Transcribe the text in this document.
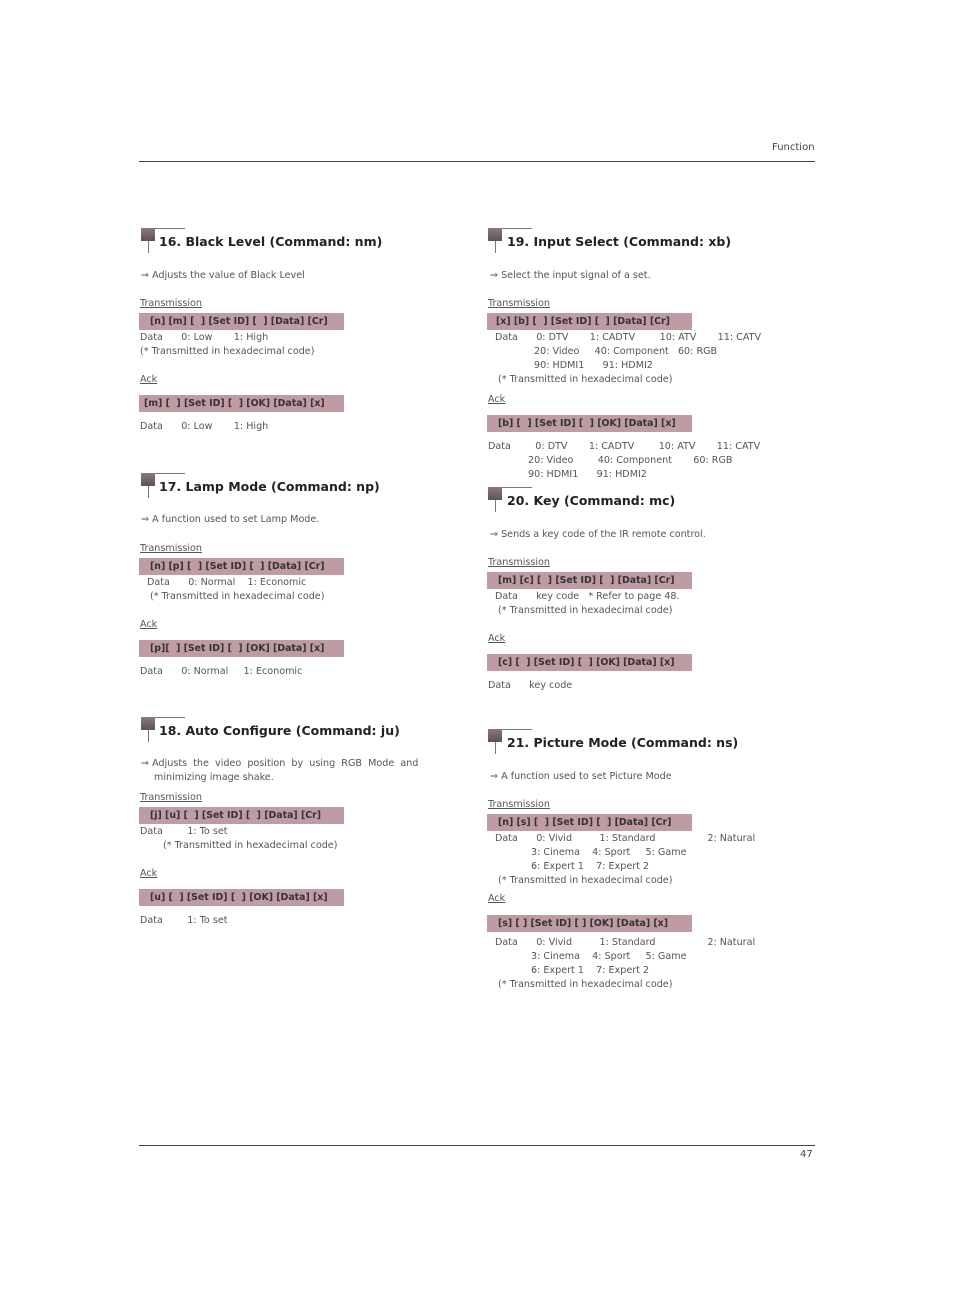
Function
16. Black Level (Command: nm)
⇒ Adjusts the value of Black Level
Transmission
[n] [m] [  ] [Set ID] [  ] [Data] [Cr]
Data      0: Low       1: High
(* Transmitted in hexadecimal code)
Ack
[m] [  ] [Set ID] [  ] [OK] [Data] [x]
Data      0: Low       1: High
17. Lamp Mode (Command: np)
⇒ A function used to set Lamp Mode.
Transmission
[n] [p] [  ] [Set ID] [  ] [Data] [Cr]
Data      0: Normal    1: Economic
(* Transmitted in hexadecimal code)
Ack
[p][  ] [Set ID] [  ] [OK] [Data] [x]
Data      0: Normal     1: Economic
18. Auto Configure (Command: ju)
⇒ Adjusts  the  video  position  by  using  RGB  Mode  and
minimizing image shake.
Transmission
[j] [u] [  ] [Set ID] [  ] [Data] [Cr]
Data        1: To set
(* Transmitted in hexadecimal code)
Ack
[u] [  ] [Set ID] [  ] [OK] [Data] [x]
Data        1: To set
19. Input Select (Command: xb)
⇒ Select the input signal of a set.
Transmission
[x] [b] [  ] [Set ID] [  ] [Data] [Cr]
Data      0: DTV       1: CADTV        10: ATV       11: CATV
20: Video     40: Component   60: RGB
90: HDMI1      91: HDMI2
(* Transmitted in hexadecimal code)
Ack
[b] [  ] [Set ID] [  ] [OK] [Data] [x]
Data        0: DTV       1: CADTV        10: ATV       11: CATV
20: Video        40: Component       60: RGB
90: HDMI1      91: HDMI2
20. Key (Command: mc)
⇒ Sends a key code of the IR remote control.
Transmission
[m] [c] [  ] [Set ID] [  ] [Data] [Cr]
Data      key code   * Refer to page 48.
(* Transmitted in hexadecimal code)
Ack
[c] [  ] [Set ID] [  ] [OK] [Data] [x]
Data      key code
21. Picture Mode (Command: ns)
⇒ A function used to set Picture Mode
Transmission
[n] [s] [  ] [Set ID] [  ] [Data] [Cr]
Data      0: Vivid         1: Standard                 2: Natural
3: Cinema    4: Sport     5: Game
6: Expert 1    7: Expert 2
(* Transmitted in hexadecimal code)
Ack
[s] [ ] [Set ID] [ ] [OK] [Data] [x]
Data      0: Vivid         1: Standard                 2: Natural
3: Cinema    4: Sport     5: Game
6: Expert 1    7: Expert 2
(* Transmitted in hexadecimal code)
47
